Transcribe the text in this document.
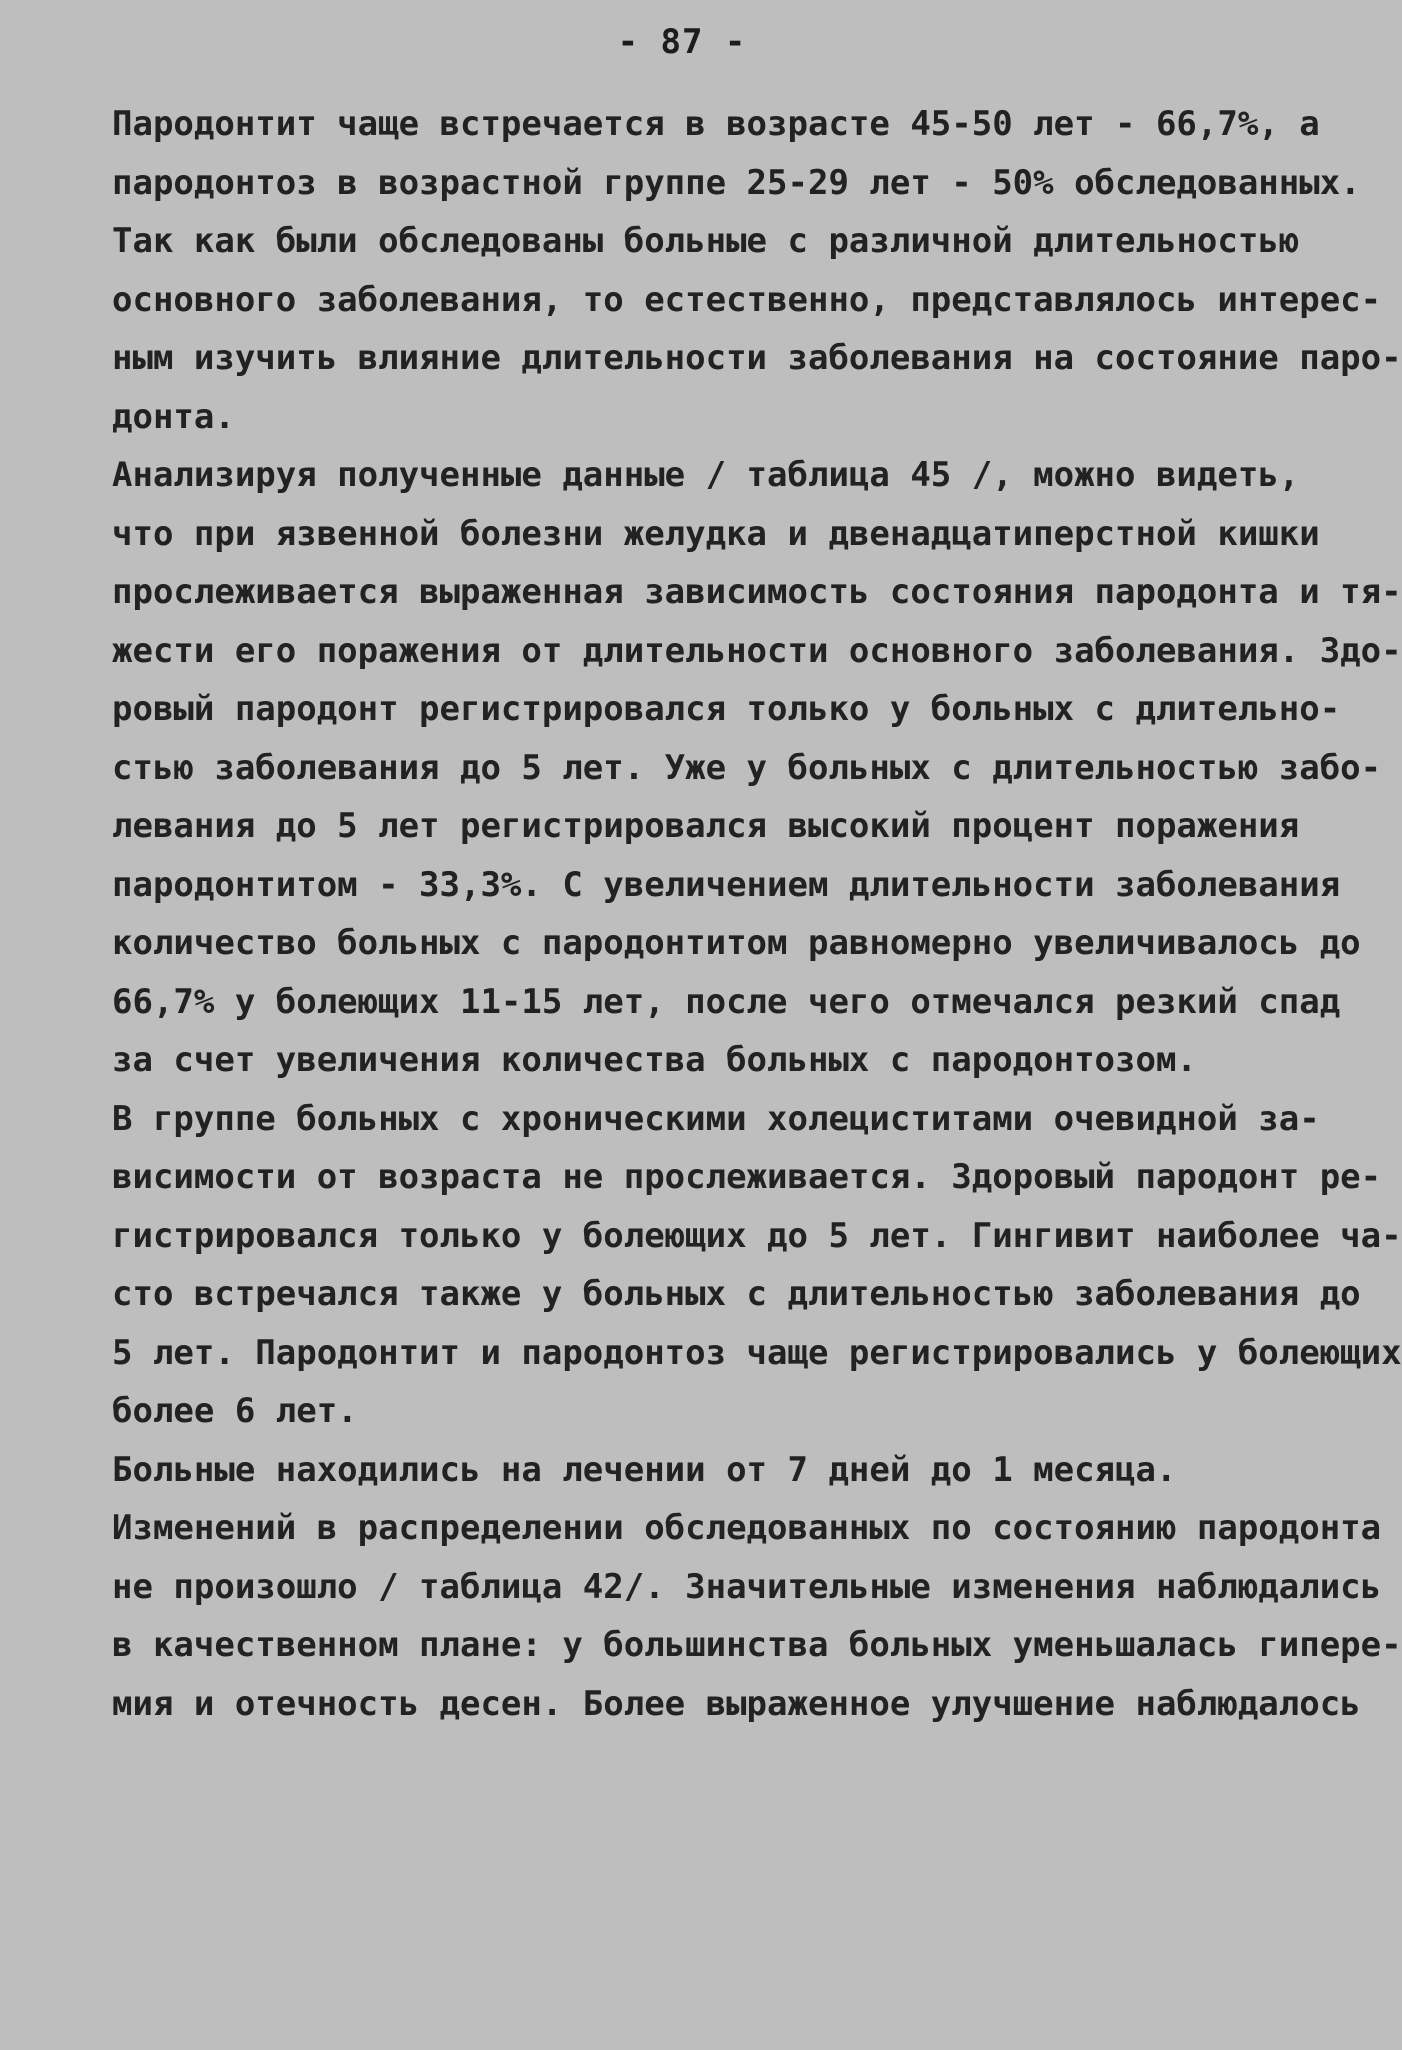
- 87 -
Пародонтит чаще встречается в возрасте 45-50 лет - 66,7%, а
пародонтоз в возрастной группе 25-29 лет - 50% обследованных.
Так как были обследованы больные с различной длительностью
основного заболевания, то естественно, представлялось интерес-
ным изучить влияние длительности заболевания на состояние паро-
донта.
Анализируя полученные данные / таблица 45 /, можно видеть,
что при язвенной болезни желудка и двенадцатиперстной кишки
прослеживается выраженная зависимость состояния пародонта и тя-
жести его поражения от длительности основного заболевания. Здо-
ровый пародонт регистрировался только у больных с длительно-
стью заболевания до 5 лет. Уже у больных с длительностью забо-
левания до 5 лет регистрировался высокий процент поражения
пародонтитом - 33,3%. С увеличением длительности заболевания
количество больных с пародонтитом равномерно увеличивалось до
66,7% у болеющих 11-15 лет, после чего отмечался резкий спад
за счет увеличения количества больных с пародонтозом.
В группе больных с хроническими холециститами очевидной за-
висимости от возраста не прослеживается. Здоровый пародонт ре-
гистрировался только у болеющих до 5 лет. Гингивит наиболее ча-
сто встречался также у больных с длительностью заболевания до
5 лет. Пародонтит и пародонтоз чаще регистрировались у болеющих
более 6 лет.
Больные находились на лечении от 7 дней до 1 месяца.
Изменений в распределении обследованных по состоянию пародонта
не произошло / таблица 42/. Значительные изменения наблюдались
в качественном плане: у большинства больных уменьшалась гипере-
мия и отечность десен. Более выраженное улучшение наблюдалось
